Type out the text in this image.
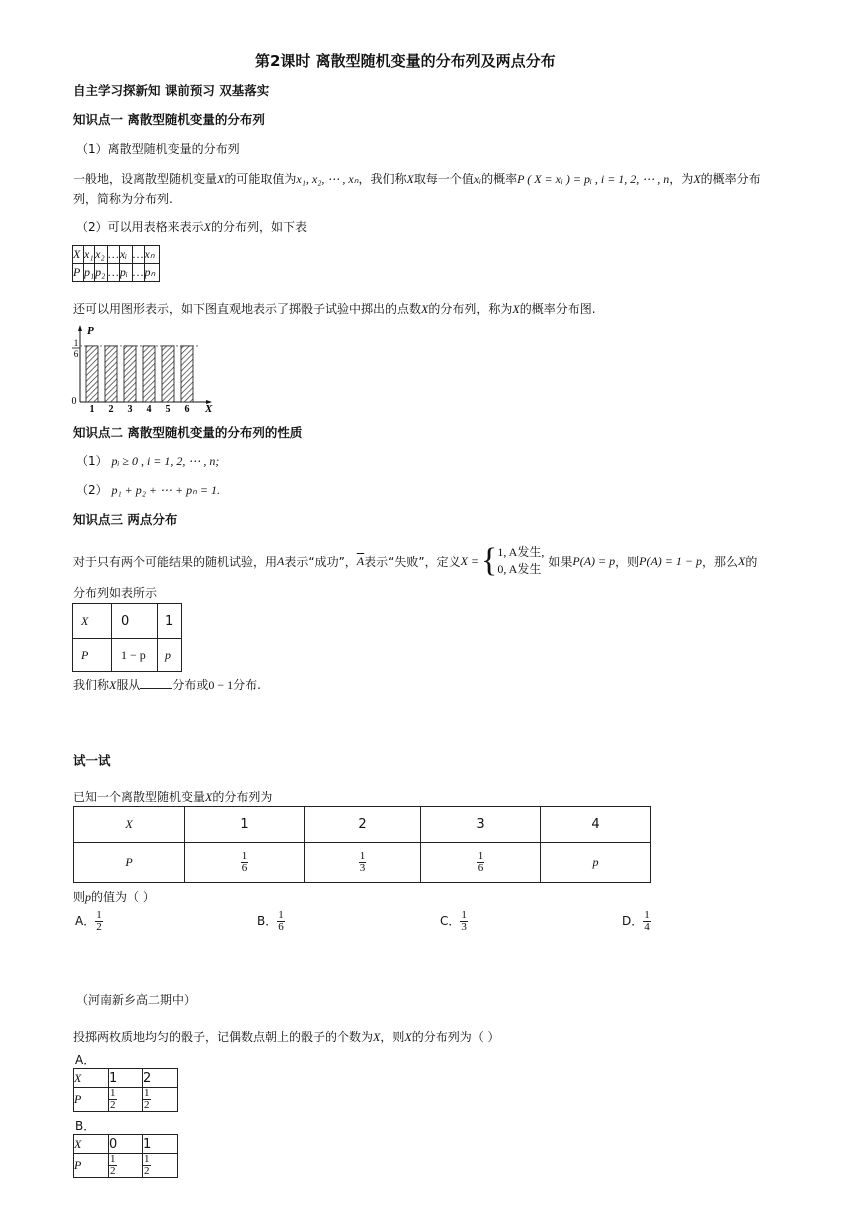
第2课时 离散型随机变量的分布列及两点分布
自主学习探新知 课前预习 双基落实
知识点一 离散型随机变量的分布列
（1）离散型随机变量的分布列
一般地，设离散型随机变量X的可能取值为x₁, x₂, ⋯ , xₙ，我们称X取每一个值xᵢ的概率P ( X = xᵢ ) = pᵢ , i = 1, 2, ⋯ , n，为X的概率分布
列，简称为分布列.
（2）可以用表格来表示X的分布列，如下表
X	x₁	x₂	…	xᵢ	…	xₙ
P	p₁	p₂	…	pᵢ	…	pₙ
还可以用图形表示，如下图直观地表示了掷骰子试验中掷出的点数X的分布列，称为X的概率分布图.
P
X
0
1
6
1 2 3 4 5 6
知识点二 离散型随机变量的分布列的性质
（1） pᵢ ≥ 0 , i = 1, 2, ⋯ , n;
（2） p₁ + p₂ + ⋯ + pₙ = 1.
知识点三 两点分布
对于只有两个可能结果的随机试验，用 A 表示“成功”， $\overline{A}$ 表示“失败”，定义 X = { 1, A发生,
0, A发生
如果 P(A) = p ，则 P(A) = 1 − p ，那么 X 的
分布列如表所示
X	0	1
P	1 − p	p
我们称X服从	分布或0 − 1分布.
试一试
已知一个离散型随机变量X的分布列为
X	1	2	3	4
P	$\frac{1}{6}$	$\frac{1}{3}$	$\frac{1}{6}$	p
则p的值为（ ）
A． $\frac{1}{2}$	B． $\frac{1}{6}$	C． $\frac{1}{3}$	D． $\frac{1}{4}$
（河南新乡高二期中）
投掷两枚质地均匀的骰子，记偶数点朝上的骰子的个数为X，则X的分布列为（ ）
A．
X	1	2
P	$\frac{1}{2}$	$\frac{1}{2}$
B．
X	0	1
P	$\frac{1}{2}$	$\frac{1}{2}$
